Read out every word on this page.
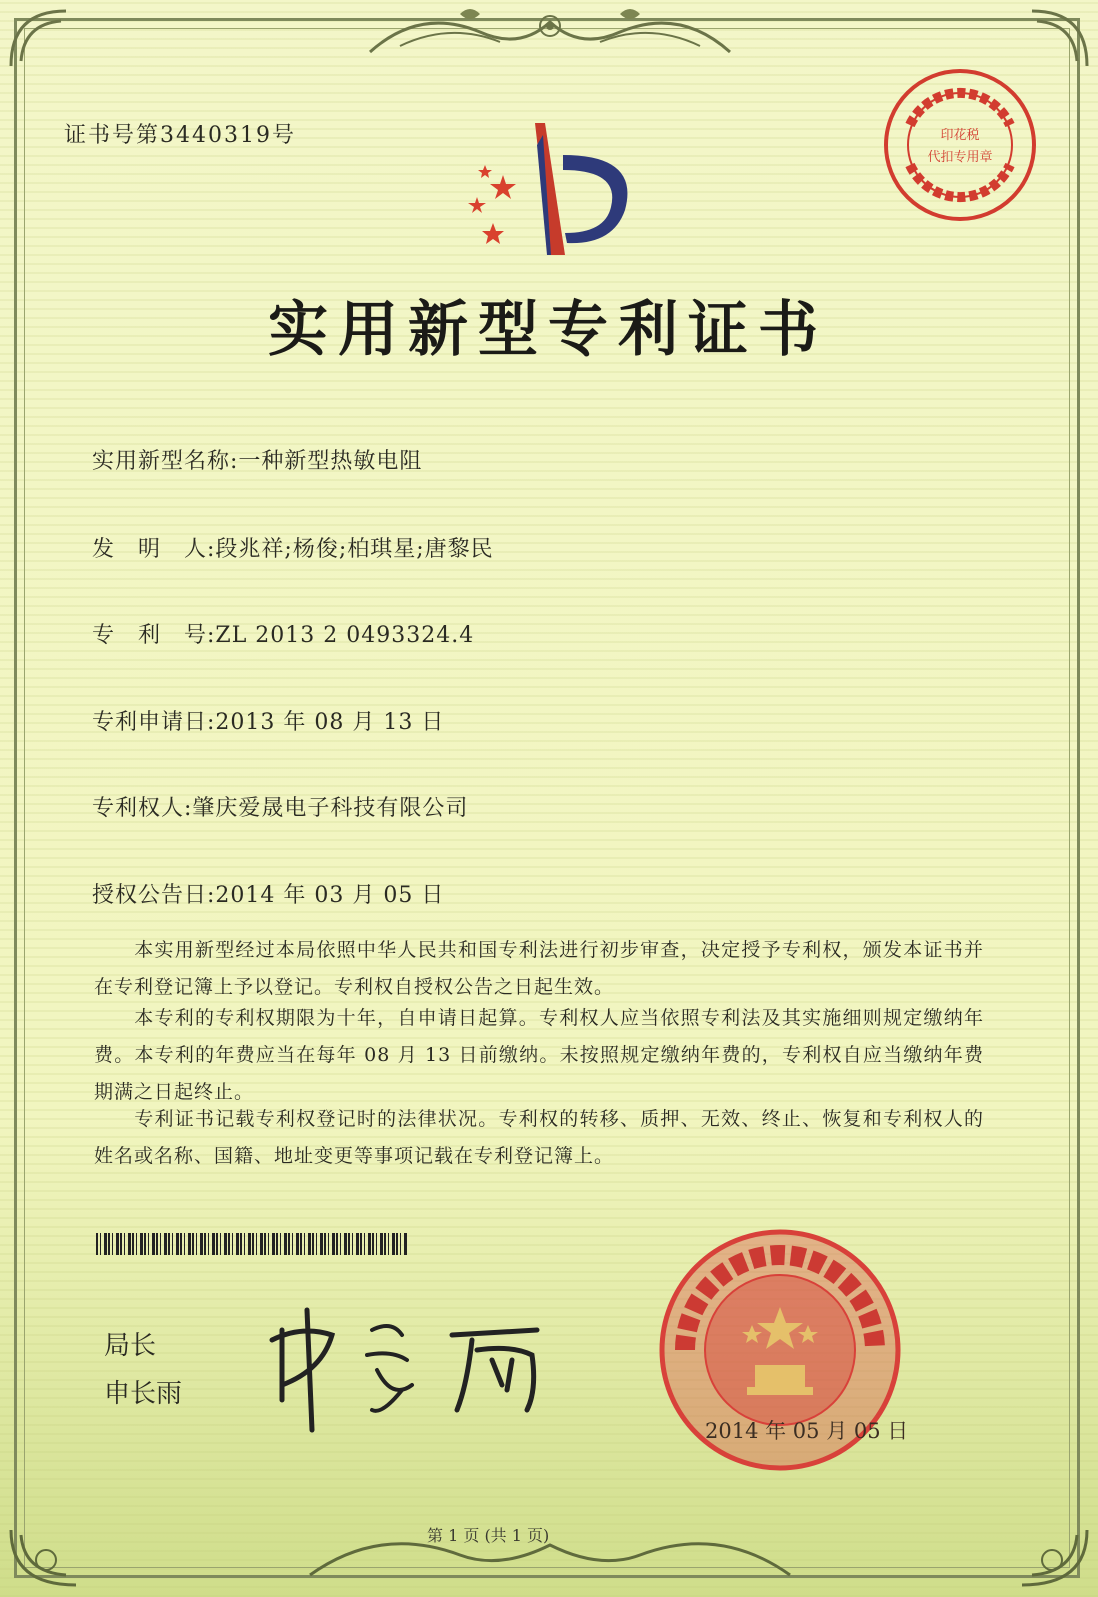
证书号第3440319号	印花税
代扣专用章
实用新型专利证书
实用新型名称:一种新型热敏电阻
发　明　人:段兆祥;杨俊;柏琪星;唐黎民
专　利　号:ZL 2013 2 0493324.4
专利申请日:2013 年 08 月 13 日
专利权人:肇庆爱晟电子科技有限公司
授权公告日:2014 年 03 月 05 日
本实用新型经过本局依照中华人民共和国专利法进行初步审查，决定授予专利权，颁发本证书并在专利登记簿上予以登记。专利权自授权公告之日起生效。
本专利的专利权期限为十年，自申请日起算。专利权人应当依照专利法及其实施细则规定缴纳年费。本专利的年费应当在每年 08 月 13 日前缴纳。未按照规定缴纳年费的，专利权自应当缴纳年费期满之日起终止。
专利证书记载专利权登记时的法律状况。专利权的转移、质押、无效、终止、恢复和专利权人的姓名或名称、国籍、地址变更等事项记载在专利登记簿上。
局长
申长雨
2014 年 05 月 05 日
第 1 页 (共 1 页)
